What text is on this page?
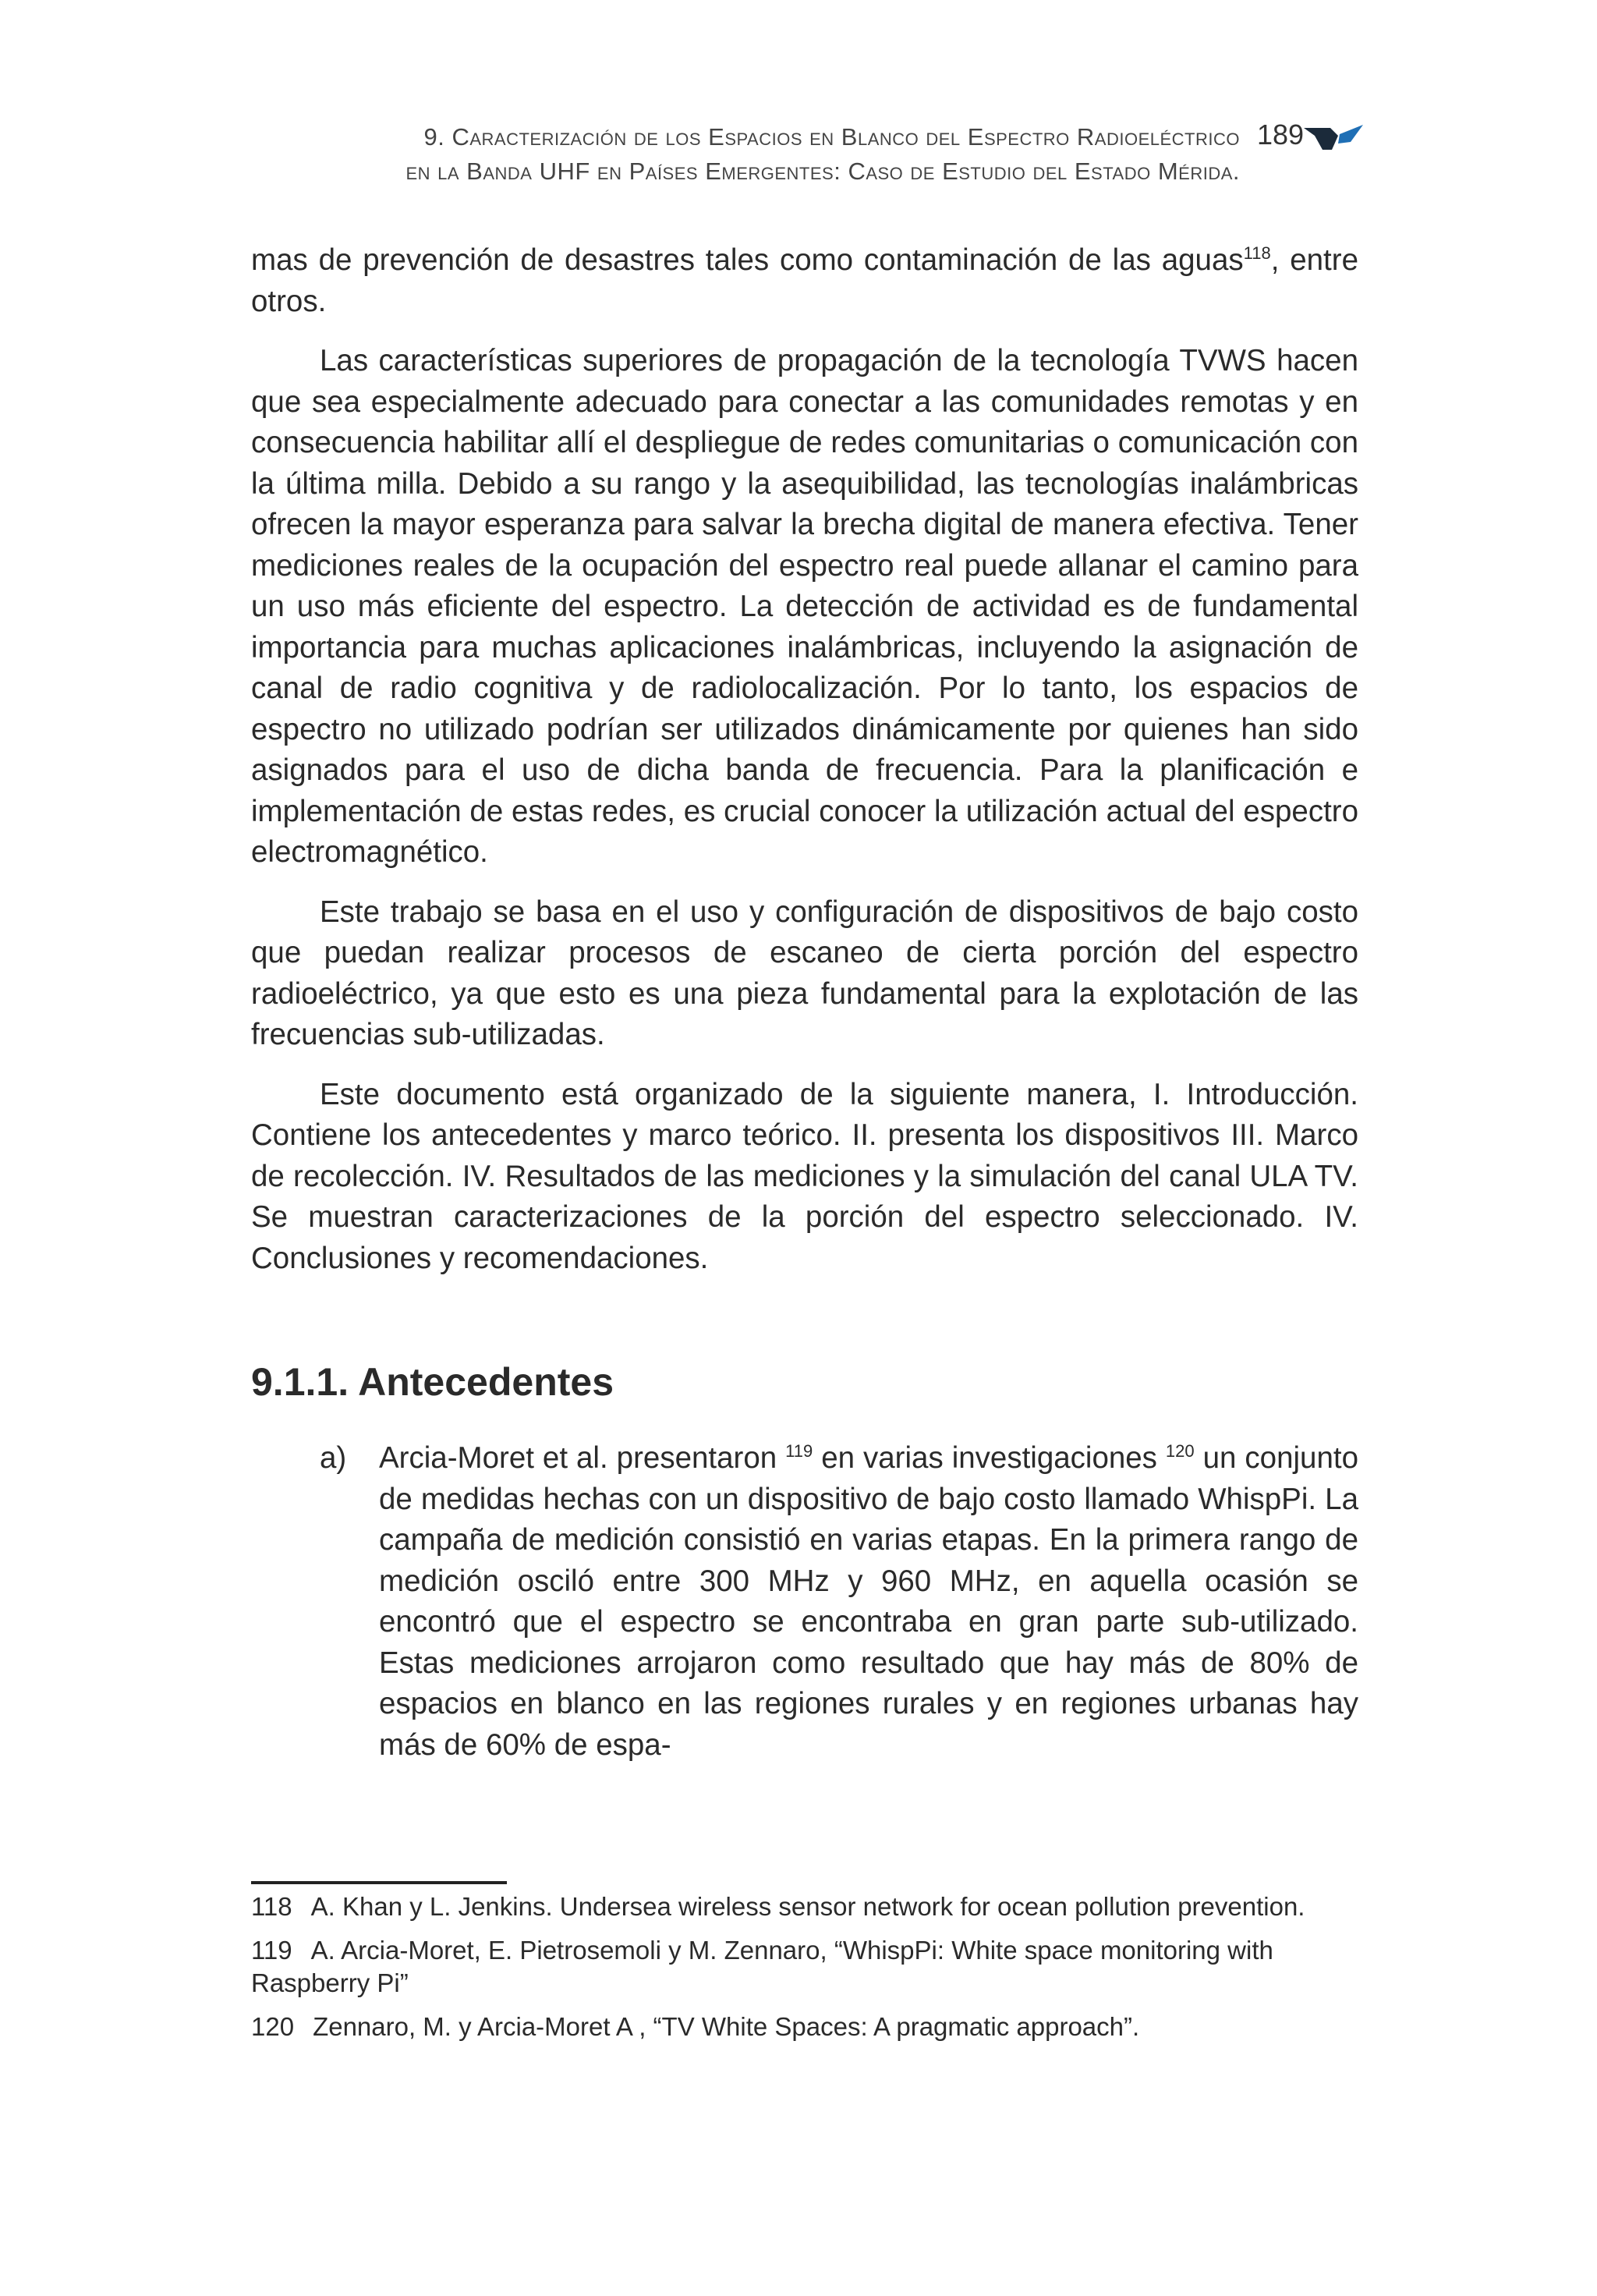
9. Caracterización de los Espacios en Blanco del Espectro Radioeléctrico
en la Banda UHF en Países Emergentes: Caso de Estudio del Estado Mérida.
189

mas de prevención de desastres tales como contaminación de las aguas$^{118}$, entre otros.

Las características superiores de propagación de la tecnología TVWS hacen que sea especialmente adecuado para conectar a las comunidades remotas y en consecuencia habilitar allí el despliegue de redes comunitarias o comunicación con la última milla. Debido a su rango y la asequibilidad, las tecnologías inalámbricas ofrecen la mayor esperanza para salvar la brecha digital de manera efectiva. Tener mediciones reales de la ocupación del espectro real puede allanar el camino para un uso más eficiente del espectro. La detección de actividad es de fundamental importancia para muchas aplicaciones inalámbricas, incluyendo la asignación de canal de radio cognitiva y de radiolocalización. Por lo tanto, los espacios de espectro no utilizado podrían ser utilizados dinámicamente por quienes han sido asignados para el uso de dicha banda de frecuencia. Para la planificación e implementación de estas redes, es crucial conocer la utilización actual del espectro electromagnético.

Este trabajo se basa en el uso y configuración de dispositivos de bajo costo que puedan realizar procesos de escaneo de cierta porción del espectro radioeléctrico, ya que esto es una pieza fundamental para la explotación de las frecuencias sub-utilizadas.

Este documento está organizado de la siguiente manera, I. Introducción. Contiene los antecedentes y marco teórico. II. presenta los dispositivos III. Marco de recolección. IV. Resultados de las mediciones y la simulación del canal ULA TV. Se muestran caracterizaciones de la porción del espectro seleccionado. IV. Conclusiones y recomendaciones.

9.1.1. Antecedentes
a) Arcia-Moret et al. presentaron $^{119}$ en varias investigaciones $^{120}$ un conjunto de medidas hechas con un dispositivo de bajo costo llamado WhispPi. La campaña de medición consistió en varias etapas. En la primera rango de medición osciló entre 300 MHz y 960 MHz, en aquella ocasión se encontró que el espectro se encontraba en gran parte sub-utilizado. Estas mediciones arrojaron como resultado que hay más de 80% de espacios en blanco en las regiones rurales y en regiones urbanas hay más de 60% de espa-
118 A. Khan y L. Jenkins. Undersea wireless sensor network for ocean pollution prevention.
119 A. Arcia-Moret, E. Pietrosemoli y M. Zennaro, “WhispPi: White space monitoring with Raspberry Pi”
120 Zennaro, M. y Arcia-Moret A , “TV White Spaces: A pragmatic approach”.
